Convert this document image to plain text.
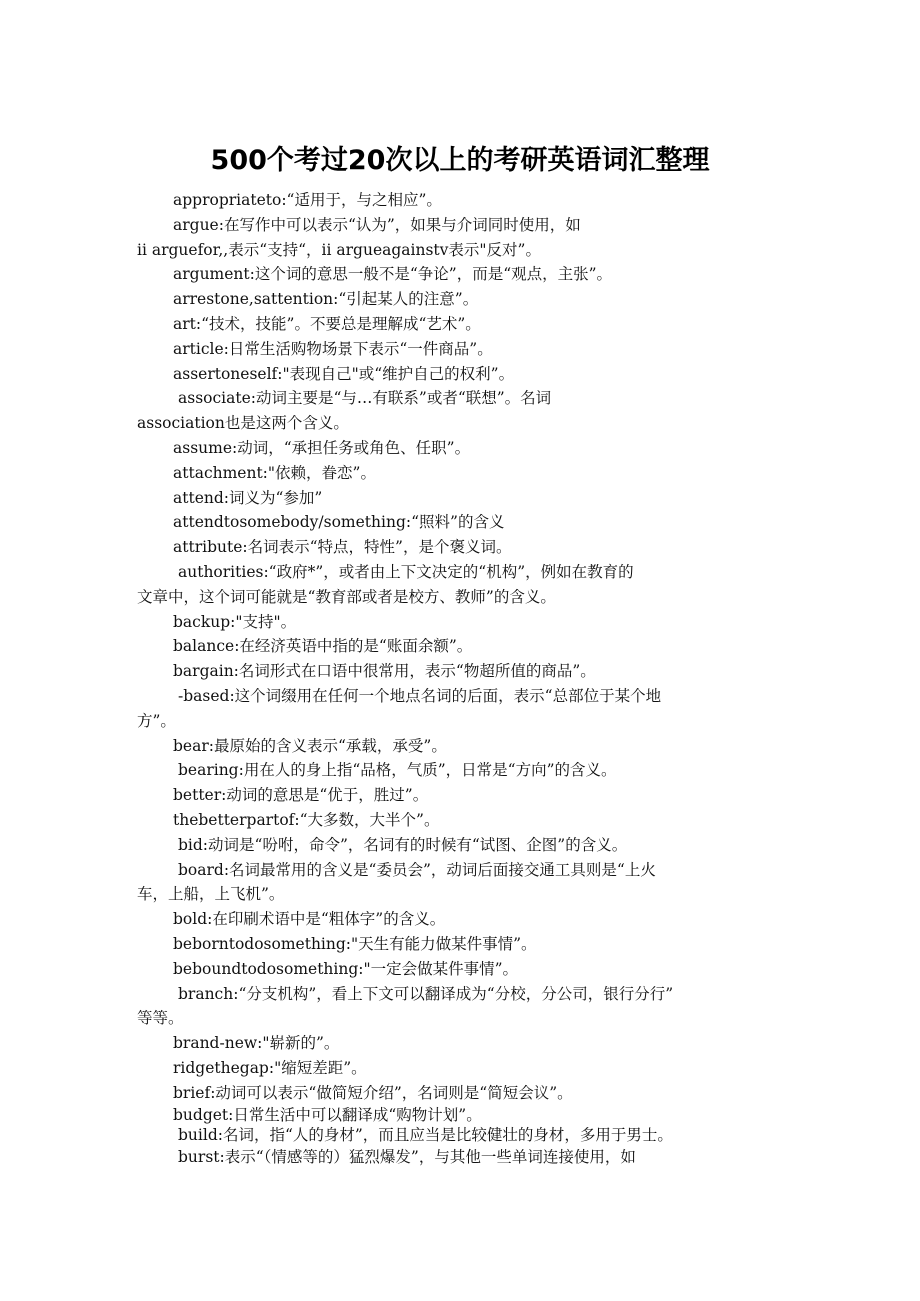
500个考过20次以上的考研英语词汇整理
appropriateto:“适用于，与之相应”。
argue:在写作中可以表示“认为”，如果与介词同时使用，如
ii arguefor,,表示“支持“，ii argueagainstv表示"反对”。
argument:这个词的意思一般不是“争论”，而是“观点，主张”。
arrestone,sattention:“引起某人的注意”。
art:“技术，技能”。不要总是理解成“艺术”。
article:日常生活购物场景下表示“一件商品”。
assertoneself:"表现自己"或“维护自己的权利”。
associate:动词主要是“与…有联系”或者“联想”。名词
association也是这两个含义。
assume:动词，“承担任务或角色、任职”。
attachment:"依赖，眷恋”。
attend:词义为“参加”
attendtosomebody/something:“照料”的含义
attribute:名词表示“特点，特性”，是个褒义词。
authorities:“政府*”，或者由上下文决定的“机构”，例如在教育的
文章中，这个词可能就是“教育部或者是校方、教师”的含义。
backup:"支持"。
balance:在经济英语中指的是“账面余额”。
bargain:名词形式在口语中很常用，表示“物超所值的商品”。
-based:这个词缀用在任何一个地点名词的后面，表示“总部位于某个地
方”。
bear:最原始的含义表示“承载，承受”。
bearing:用在人的身上指“品格，气质”，日常是“方向”的含义。
better:动词的意思是“优于，胜过”。
thebetterpartof:“大多数，大半个”。
bid:动词是“吩咐，命令”，名词有的时候有“试图、企图”的含义。
board:名词最常用的含义是“委员会”，动词后面接交通工具则是“上火
车，上船，上飞机”。
bold:在印刷术语中是“粗体字”的含义。
beborntodosomething:"天生有能力做某件事情”。
beboundtodosomething:"一定会做某件事情”。
branch:“分支机构”，看上下文可以翻译成为“分校，分公司，银行分行”
等等。
brand-new:"崭新的”。
ridgethegap:"缩短差距”。
brief:动词可以表示“做简短介绍”，名词则是“简短会议”。
budget:日常生活中可以翻译成“购物计划”。
build:名词，指“人的身材”，而且应当是比较健壮的身材，多用于男士。
burst:表示“（情感等的）猛烈爆发”，与其他一些单词连接使用，如
